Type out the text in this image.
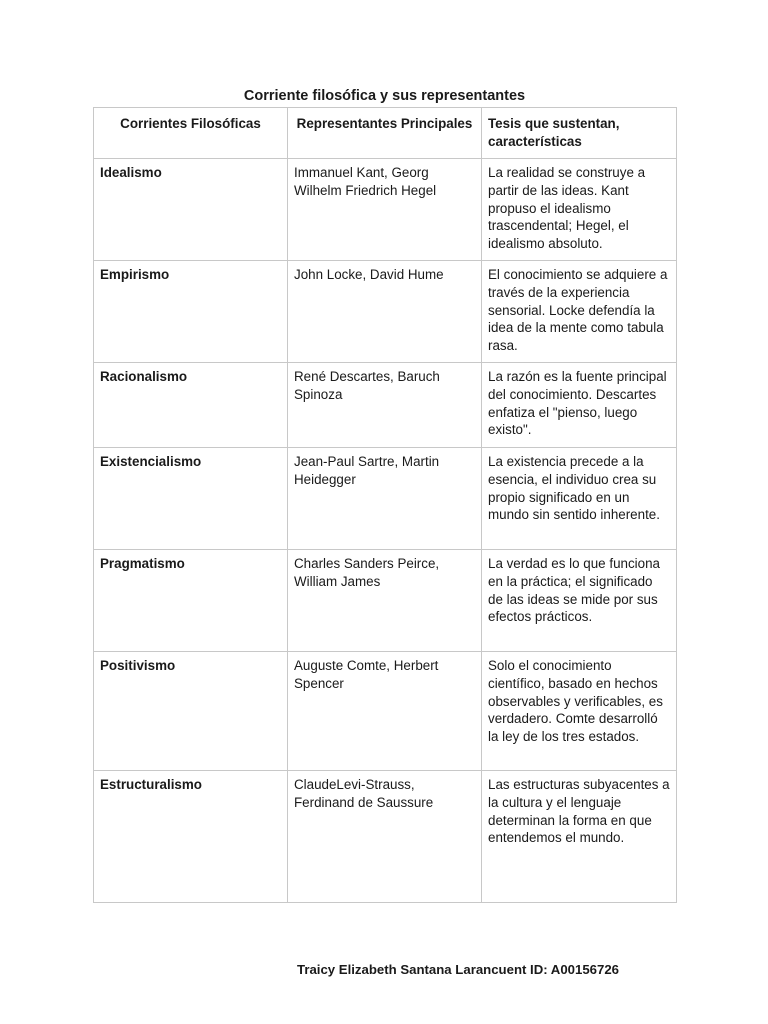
Corriente filosófica y sus representantes
Corrientes Filosóficas	Representantes Principales	Tesis que sustentan, características
Idealismo	Immanuel Kant, Georg Wilhelm Friedrich Hegel	La realidad se construye a partir de las ideas. Kant propuso el idealismo trascendental; Hegel, el idealismo absoluto.
Empirismo	John Locke, David Hume	El conocimiento se adquiere a través de la experiencia sensorial. Locke defendía la idea de la mente como tabula rasa.
Racionalismo	René Descartes, Baruch Spinoza	La razón es la fuente principal del conocimiento. Descartes enfatiza el "pienso, luego existo".
Existencialismo	Jean-Paul Sartre, Martin Heidegger	La existencia precede a la esencia, el individuo crea su propio significado en un mundo sin sentido inherente.
Pragmatismo	Charles Sanders Peirce, William James	La verdad es lo que funciona en la práctica; el significado de las ideas se mide por sus efectos prácticos.
Positivismo	Auguste Comte, Herbert Spencer	Solo el conocimiento científico, basado en hechos observables y verificables, es verdadero. Comte desarrolló la ley de los tres estados.
Estructuralismo	ClaudeLevi-Strauss, Ferdinand de Saussure	Las estructuras subyacentes a la cultura y el lenguaje determinan la forma en que entendemos el mundo.
Traicy Elizabeth Santana Larancuent ID: A00156726
